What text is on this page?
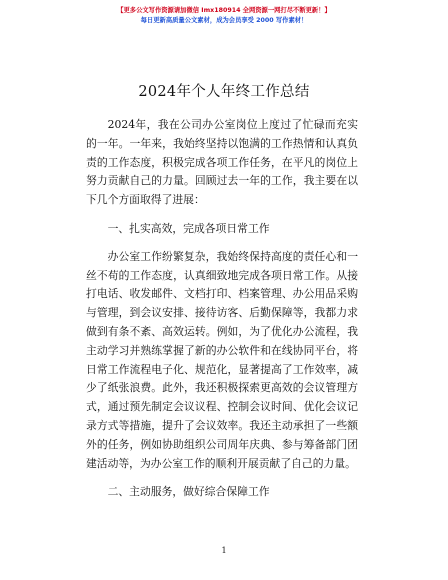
【更多公文写作资源请加微信 Imx180914 全网资源一网打尽不断更新！】
每日更新高质量公文素材，成为会员享受 2000 写作素材！
2024年个人年终工作总结

2024年，我在公司办公室岗位上度过了忙碌而充实的一年。一年来，我始终坚持以饱满的工作热情和认真负责的工作态度，积极完成各项工作任务，在平凡的岗位上努力贡献自己的力量。回顾过去一年的工作，我主要在以下几个方面取得了进展：

一、扎实高效，完成各项日常工作

办公室工作纷繁复杂，我始终保持高度的责任心和一丝不苟的工作态度，认真细致地完成各项日常工作。从接打电话、收发邮件、文档打印、档案管理、办公用品采购与管理，到会议安排、接待访客、后勤保障等，我都力求做到有条不紊、高效运转。例如，为了优化办公流程，我主动学习并熟练掌握了新的办公软件和在线协同平台，将日常工作流程电子化、规范化，显著提高了工作效率，减少了纸张浪费。此外，我还积极探索更高效的会议管理方式，通过预先制定会议议程、控制会议时间、优化会议记录方式等措施，提升了会议效率。我还主动承担了一些额外的任务，例如协助组织公司周年庆典、参与筹备部门团建活动等，为办公室工作的顺利开展贡献了自己的力量。

二、主动服务，做好综合保障工作

1
